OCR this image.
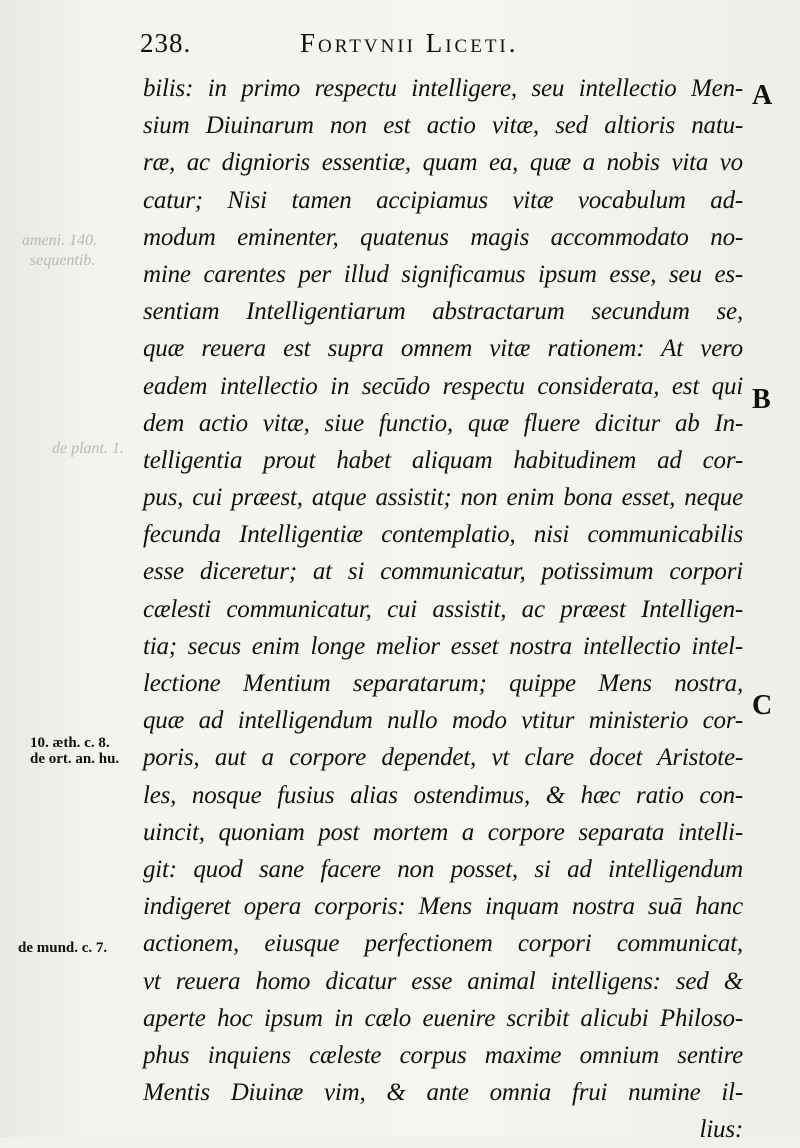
238.	Fortvnii Liceti.
ameni. 140.
sequentib.
de plant. 1.
bilis: in primo respectu intelligere, seu intellectio Men-
sium Diuinarum non est actio vitæ, sed altioris natu-
ræ, ac dignioris essentiæ, quam ea, quæ a nobis vita vo
catur; Nisi tamen accipiamus vitæ vocabulum ad-
modum eminenter, quatenus magis accommodato no-
mine carentes per illud significamus ipsum esse, seu es-
sentiam Intelligentiarum abstractarum secundum se,
quæ reuera est supra omnem vitæ rationem: At vero
eadem intellectio in secūdo respectu considerata, est qui
dem actio vitæ, siue functio, quæ fluere dicitur ab In-
telligentia prout habet aliquam habitudinem ad cor-
pus, cui præest, atque assistit; non enim bona esset, neque
fecunda Intelligentiæ contemplatio, nisi communicabilis
esse diceretur; at si communicatur, potissimum corpori
cælesti communicatur, cui assistit, ac præest Intelligen-
tia; secus enim longe melior esset nostra intellectio intel-
lectione Mentium separatarum; quippe Mens nostra,
quæ ad intelligendum nullo modo vtitur ministerio cor-
poris, aut a corpore dependet, vt clare docet Aristote-
les, nosque fusius alias ostendimus, & hæc ratio con-
uincit, quoniam post mortem a corpore separata intelli-
git: quod sane facere non posset, si ad intelligendum
indigeret opera corporis: Mens inquam nostra suā hanc
actionem, eiusque perfectionem corpori communicat,
vt reuera homo dicatur esse animal intelligens: sed &
aperte hoc ipsum in cælo euenire scribit alicubi Philoso-
phus inquiens cæleste corpus maxime omnium sentire
Mentis Diuinæ vim, & ante omnia frui numine il-
lius:
A
B
C
10. æth. c. 8.
de ort. an. hu.
de mund. c. 7.
